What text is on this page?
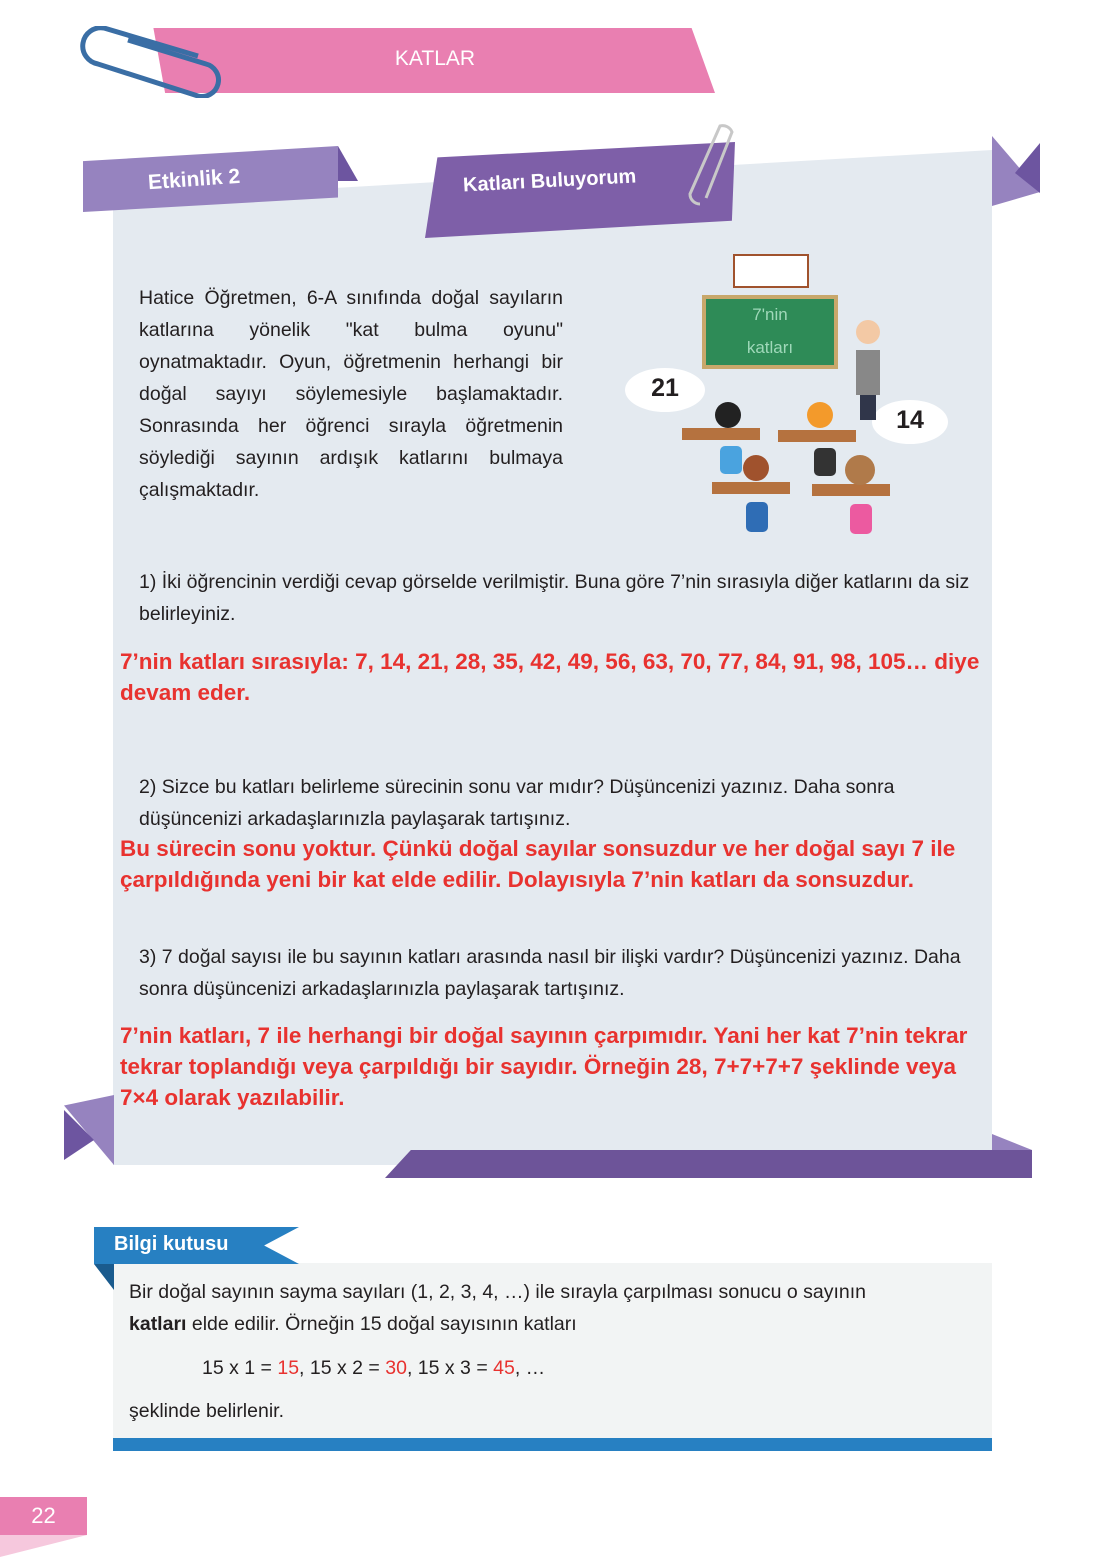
KATLAR
Etkinlik 2	Katları Buluyorum
Hatice Öğretmen, 6-A sınıfında doğal sayıların katlarına yönelik "kat bulma oyunu" oynatmaktadır. Oyun, öğretmenin herhangi bir doğal sayıyı söylemesiyle başlamaktadır. Sonrasında her öğrenci sırayla öğretmenin söylediği sayının ardışık katlarını bulmaya çalışmaktadır.
7'nin
katları
21
14
1) İki öğrencinin verdiği cevap görselde verilmiştir. Buna göre 7’nin sırasıyla diğer katlarını da siz belirleyiniz.
7’nin katları sırasıyla: 7, 14, 21, 28, 35, 42, 49, 56, 63, 70, 77, 84, 91, 98, 105… diye devam eder.
2) Sizce bu katları belirleme sürecinin sonu var mıdır? Düşüncenizi yazınız. Daha sonra düşüncenizi arkadaşlarınızla paylaşarak tartışınız.
Bu sürecin sonu yoktur. Çünkü doğal sayılar sonsuzdur ve her doğal sayı 7 ile çarpıldığında yeni bir kat elde edilir. Dolayısıyla 7’nin katları da sonsuzdur.
3) 7 doğal sayısı ile bu sayının katları arasında nasıl bir ilişki vardır? Düşüncenizi yazınız. Daha sonra düşüncenizi arkadaşlarınızla paylaşarak tartışınız.
7’nin katları, 7 ile herhangi bir doğal sayının çarpımıdır. Yani her kat 7’nin tekrar tekrar toplandığı veya çarpıldığı bir sayıdır. Örneğin 28, 7+7+7+7 şeklinde veya 7×4 olarak yazılabilir.
Bilgi kutusu
Bir doğal sayının sayma sayıları (1, 2, 3, 4, …) ile sırayla çarpılması sonucu o sayının
katları elde edilir. Örneğin 15 doğal sayısının katları
15 x 1 = 15, 15 x 2 = 30, 15 x 3 = 45, …
şeklinde belirlenir.
22
